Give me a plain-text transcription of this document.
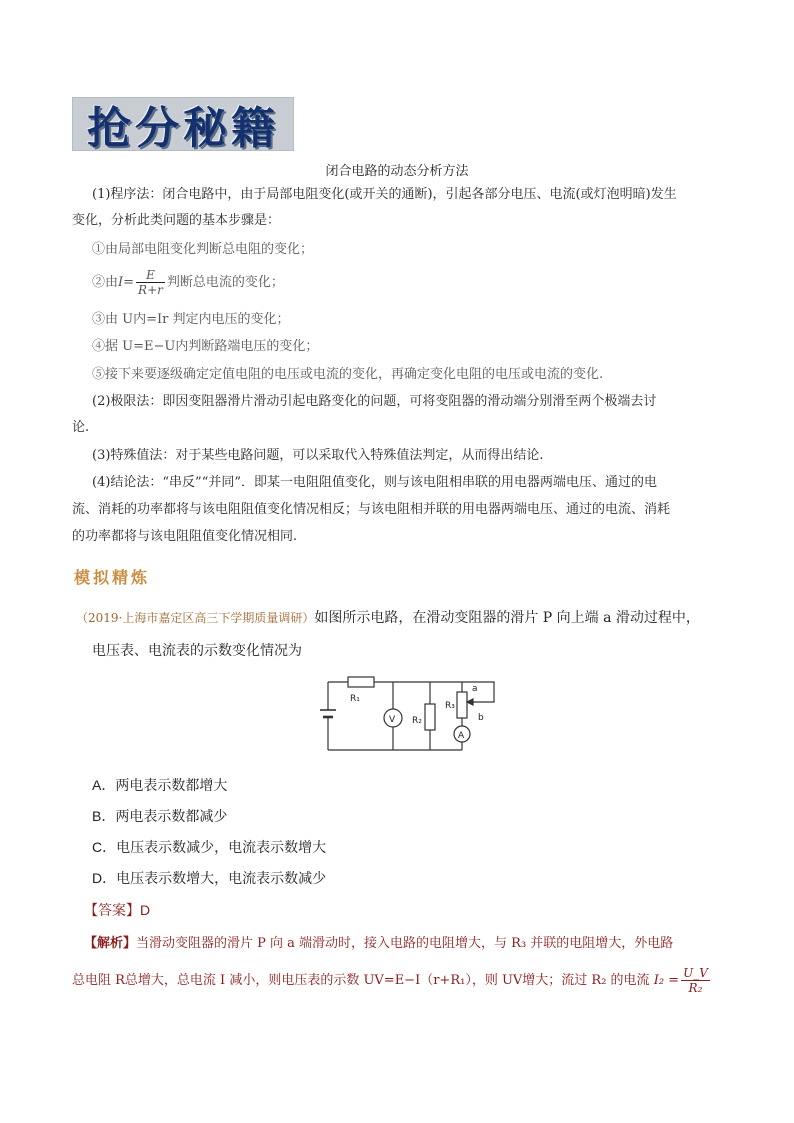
抢分秘籍
闭合电路的动态分析方法
(1)程序法：闭合电路中，由于局部电阻变化(或开关的通断)，引起各部分电压、电流(或灯泡明暗)发生
变化，分析此类问题的基本步骤是：
①由局部电阻变化判断总电阻的变化；
②由$I= \frac{E}{R+r}$ 判断总电流的变化；
③由 U内=Ir 判定内电压的变化；
④据 U=E−U内判断路端电压的变化；
⑤接下来要逐级确定定值电阻的电压或电流的变化，再确定变化电阻的电压或电流的变化.
(2)极限法：即因变阻器滑片滑动引起电路变化的问题，可将变阻器的滑动端分别滑至两个极端去讨
论.
(3)特殊值法：对于某些电路问题，可以采取代入特殊值法判定，从而得出结论.
(4)结论法：“串反”“并同”．即某一电阻阻值变化，则与该电阻相串联的用电器两端电压、通过的电
流、消耗的功率都将与该电阻阻值变化情况相反；与该电阻相并联的用电器两端电压、通过的电流、消耗
的功率都将与该电阻阻值变化情况相同.
模拟精炼
（2019·上海市嘉定区高三下学期质量调研）如图所示电路，在滑动变阻器的滑片 P 向上端 a 滑动过程中，
电压表、电流表的示数变化情况为
R₁
R₂
R₃
V
A
a
b
A．两电表示数都增大
B．两电表示数都减少
C．电压表示数减少，电流表示数增大
D．电压表示数增大，电流表示数减少
【答案】D
【解析】当滑动变阻器的滑片 P 向 a 端滑动时，接入电路的电阻增大，与 R₃ 并联的电阻增大，外电路
总电阻 R总增大，总电流 I 减小，则电压表的示数 UV=E−I（r+R₁），则 UV增大；流过 R₂ 的电流 $I_2 = \frac{U\_V}{\text{R₂}}$
